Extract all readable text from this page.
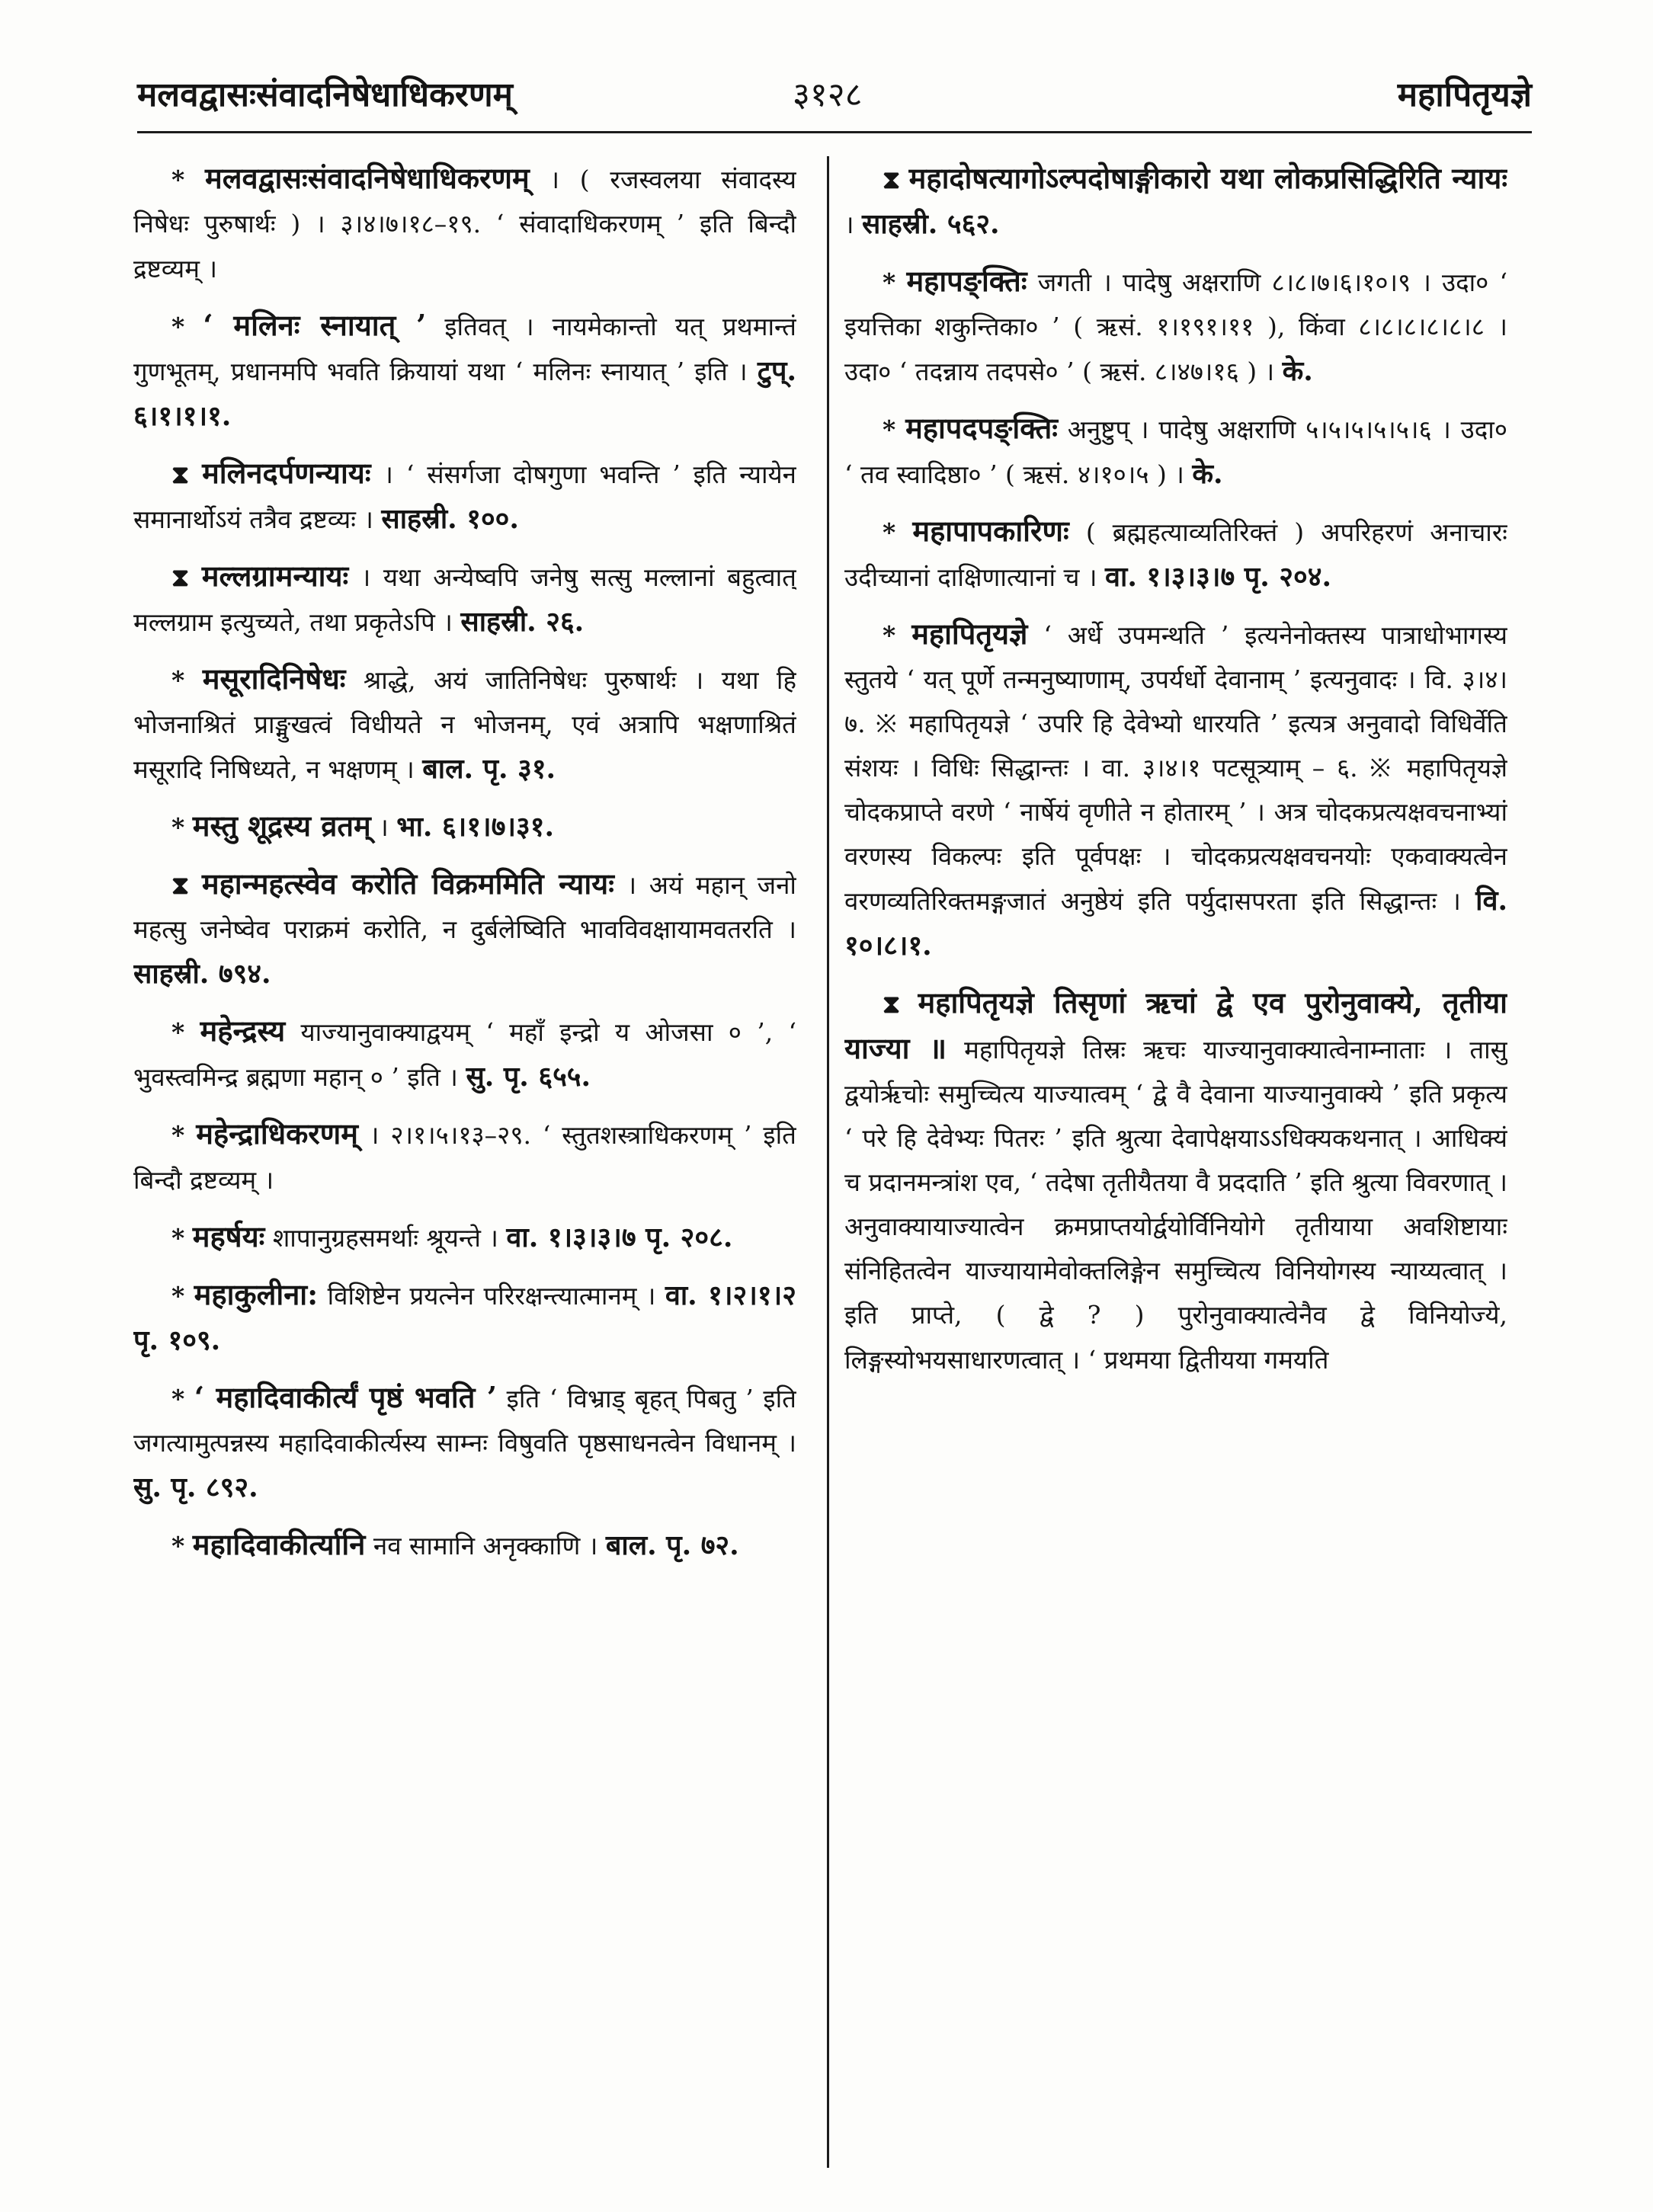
मलवद्वासःसंवादनिषेधाधिकरणम्	३१२८	महापितृयज्ञे

* मलवद्वासःसंवादनिषेधाधिकरणम् । ( रजस्वलया संवादस्य निषेधः पुरुषार्थः ) । ३।४।७।१८–१९. ‘ संवादाधिकरणम् ’ इति बिन्दौ द्रष्टव्यम् ।

* ‘ मलिनः स्नायात् ’ इतिवत् । नायमेकान्तो यत् प्रथमान्तं गुणभूतम्, प्रधानमपि भवति क्रियायां यथा ‘ मलिनः स्नायात् ’ इति । टुप्. ६।१।१।१.

⧗ मलिनदर्पणन्यायः । ‘ संसर्गजा दोषगुणा भवन्ति ’ इति न्यायेन समानार्थोऽयं तत्रैव द्रष्टव्यः । साहस्री. १००.

⧗ मल्लग्रामन्यायः । यथा अन्येष्वपि जनेषु सत्सु मल्लानां बहुत्वात् मल्लग्राम इत्युच्यते, तथा प्रकृतेऽपि । साहस्री. २६.

* मसूरादिनिषेधः श्राद्धे, अयं जातिनिषेधः पुरुषार्थः । यथा हि भोजनाश्रितं प्राङ्मुखत्वं विधीयते न भोजनम्, एवं अत्रापि भक्षणाश्रितं मसूरादि निषिध्यते, न भक्षणम् । बाल. पृ. ३१.

* मस्तु शूद्रस्य व्रतम् । भा. ६।१।७।३१.

⧗ महान्महत्स्वेव करोति विक्रममिति न्यायः । अयं महान् जनो महत्सु जनेष्वेव पराक्रमं करोति, न दुर्बलेष्विति भावविवक्षायामवतरति । साहस्री. ७९४.

* महेन्द्रस्य याज्यानुवाक्याद्वयम् ‘ महाँ इन्द्रो य ओजसा ० ’, ‘ भुवस्त्वमिन्द्र ब्रह्मणा महान् ० ’ इति । सु. पृ. ६५५.

* महेन्द्राधिकरणम् । २।१।५।१३–२९. ‘ स्तुतशस्त्राधिकरणम् ’ इति बिन्दौ द्रष्टव्यम् ।

* महर्षयः शापानुग्रहसमर्थाः श्रूयन्ते । वा. १।३।३।७ पृ. २०८.

* महाकुलीना: विशिष्टेन प्रयत्नेन परिरक्षन्त्यात्मानम् । वा. १।२।१।२ पृ. १०९.

* ‘ महादिवाकीर्त्यं पृष्ठं भवति ’ इति ‘ विभ्राड् बृहत् पिबतु ’ इति जगत्यामुत्पन्नस्य महादिवाकीर्त्यस्य साम्नः विषुवति पृष्ठसाधनत्वेन विधानम् । सु. पृ. ८९२.

* महादिवाकीर्त्यानि नव सामानि अनृक्काणि । बाल. पृ. ७२.

⧗ महादोषत्यागोऽल्पदोषाङ्गीकारो यथा लोकप्रसिद्धिरिति न्यायः । साहस्री. ५६२.

* महापङ्क्तिः जगती । पादेषु अक्षराणि ८।८।७।६।१०।९ । उदा० ‘ इयत्तिका शकुन्तिका० ’ ( ऋसं. १।१९१।११ ), किंवा ८।८।८।८।८।८ । उदा० ‘ तदन्नाय तदपसे० ’ ( ऋसं. ८।४७।१६ ) । के.

* महापदपङ्क्तिः अनुष्टुप् । पादेषु अक्षराणि ५।५।५।५।५।६ । उदा० ‘ तव स्वादिष्ठा० ’ ( ऋसं. ४।१०।५ ) । के.

* महापापकारिणः ( ब्रह्महत्याव्यतिरिक्तं ) अपरिहरणं अनाचारः उदीच्यानां दाक्षिणात्यानां च । वा. १।३।३।७ पृ. २०४.

* महापितृयज्ञे ‘ अर्धे उपमन्थति ’ इत्यनेनोक्तस्य पात्राधोभागस्य स्तुतये ‘ यत् पूर्णे तन्मनुष्याणाम्, उपर्यर्धो देवानाम् ’ इत्यनुवादः । वि. ३।४।७. ※ महापितृयज्ञे ‘ उपरि हि देवेभ्यो धारयति ’ इत्यत्र अनुवादो विधिर्वेति संशयः । विधिः सिद्धान्तः । वा. ३।४।१ पटसूत्र्याम् – ६. ※ महापितृयज्ञे चोदकप्राप्ते वरणे ‘ नार्षेयं वृणीते न होतारम् ’ । अत्र चोदकप्रत्यक्षवचनाभ्यां वरणस्य विकल्पः इति पूर्वपक्षः । चोदकप्रत्यक्षवचनयोः एकवाक्यत्वेन वरणव्यतिरिक्तमङ्गजातं अनुष्ठेयं इति पर्युदासपरता इति सिद्धान्तः । वि. १०।८।१.

⧗ महापितृयज्ञे तिसृणां ऋचां द्वे एव पुरोनुवाक्ये, तृतीया याज्या ॥ महापितृयज्ञे तिस्रः ऋचः याज्यानुवाक्यात्वेनाम्नाताः । तासु द्वयोर्ऋचोः समुच्चित्य याज्यात्वम् ‘ द्वे वै देवाना याज्यानुवाक्ये ’ इति प्रकृत्य ‘ परे हि देवेभ्यः पितरः ’ इति श्रुत्या देवापेक्षयाऽऽधिक्यकथनात् । आधिक्यं च प्रदानमन्त्रांश एव, ‘ तदेषा तृतीयैतया वै प्रददाति ’ इति श्रुत्या विवरणात् । अनुवाक्यायाज्यात्वेन क्रमप्राप्तयोर्द्वयोर्विनियोगे तृतीयाया अवशिष्टायाः संनिहितत्वेन याज्यायामेवोक्तलिङ्गेन समुच्चित्य विनियोगस्य न्याय्यत्वात् । इति प्राप्ते, ( द्वे ? ) पुरोनुवाक्यात्वेनैव द्वे विनियोज्ये, लिङ्गस्योभयसाधारणत्वात् । ‘ प्रथमया द्वितीयया गमयति
